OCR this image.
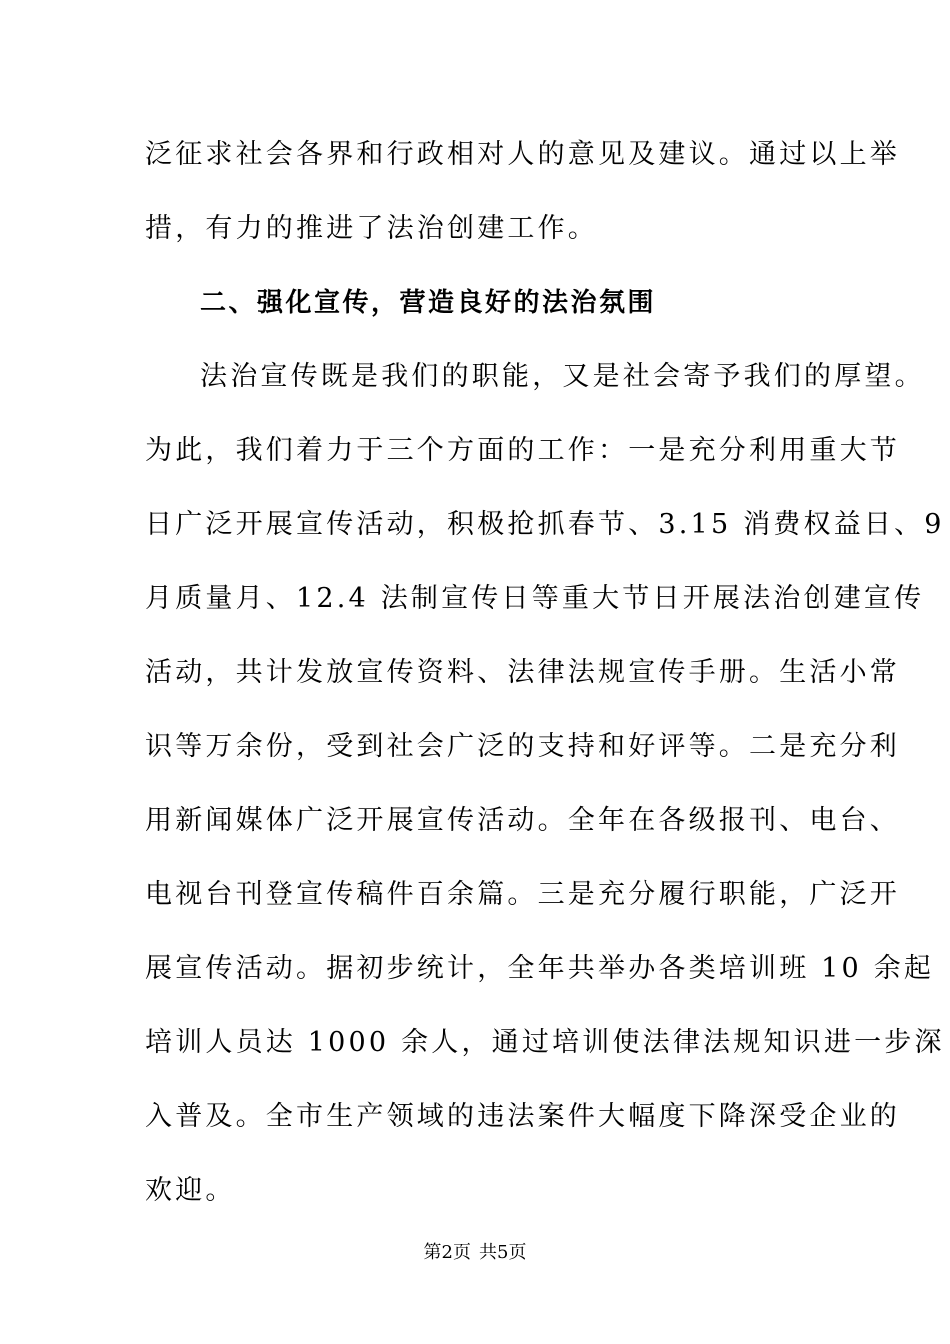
泛征求社会各界和行政相对人的意见及建议。通过以上举
措，有力的推进了法治创建工作。
二、强化宣传，营造良好的法治氛围
法治宣传既是我们的职能，又是社会寄予我们的厚望。
为此，我们着力于三个方面的工作：一是充分利用重大节
日广泛开展宣传活动，积极抢抓春节、3.15 消费权益日、9
月质量月、12.4 法制宣传日等重大节日开展法治创建宣传
活动，共计发放宣传资料、法律法规宣传手册。生活小常
识等万余份，受到社会广泛的支持和好评等。二是充分利
用新闻媒体广泛开展宣传活动。全年在各级报刊、电台、
电视台刊登宣传稿件百余篇。三是充分履行职能，广泛开
展宣传活动。据初步统计，全年共举办各类培训班 10 余起
培训人员达 1000 余人，通过培训使法律法规知识进一步深
入普及。全市生产领域的违法案件大幅度下降深受企业的
欢迎。
第2页 共5页
